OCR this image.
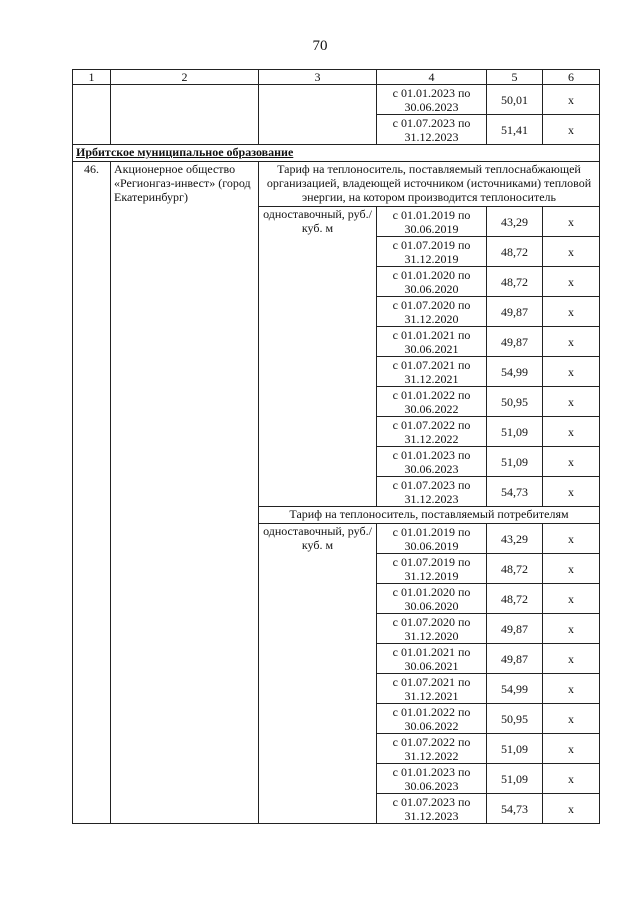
70
1	2	3	4	5	6
			с 01.01.2023 по 30.06.2023	50,01	x
			с 01.07.2023 по 31.12.2023	51,41	x
Ирбитское муниципальное образование					
46.	Акционерное общество «Регионгаз-инвест» (город Екатеринбург)	Тариф на теплоноситель, поставляемый теплоснабжающей организацией, владеющей источником (источниками) тепловой энергии, на котором производится теплоноситель			
		одноставочный, руб./куб. м	с 01.01.2019 по 30.06.2019	43,29	x
			с 01.07.2019 по 31.12.2019	48,72	x
			с 01.01.2020 по 30.06.2020	48,72	x
			с 01.07.2020 по 31.12.2020	49,87	x
			с 01.01.2021 по 30.06.2021	49,87	x
			с 01.07.2021 по 31.12.2021	54,99	x
			с 01.01.2022 по 30.06.2022	50,95	x
			с 01.07.2022 по 31.12.2022	51,09	x
			с 01.01.2023 по 30.06.2023	51,09	x
			с 01.07.2023 по 31.12.2023	54,73	x
		Тариф на теплоноситель, поставляемый потребителям			
		одноставочный, руб./куб. м	с 01.01.2019 по 30.06.2019	43,29	x
			с 01.07.2019 по 31.12.2019	48,72	x
			с 01.01.2020 по 30.06.2020	48,72	x
			с 01.07.2020 по 31.12.2020	49,87	x
			с 01.01.2021 по 30.06.2021	49,87	x
			с 01.07.2021 по 31.12.2021	54,99	x
			с 01.01.2022 по 30.06.2022	50,95	x
			с 01.07.2022 по 31.12.2022	51,09	x
			с 01.01.2023 по 30.06.2023	51,09	x
			с 01.07.2023 по 31.12.2023	54,73	x
